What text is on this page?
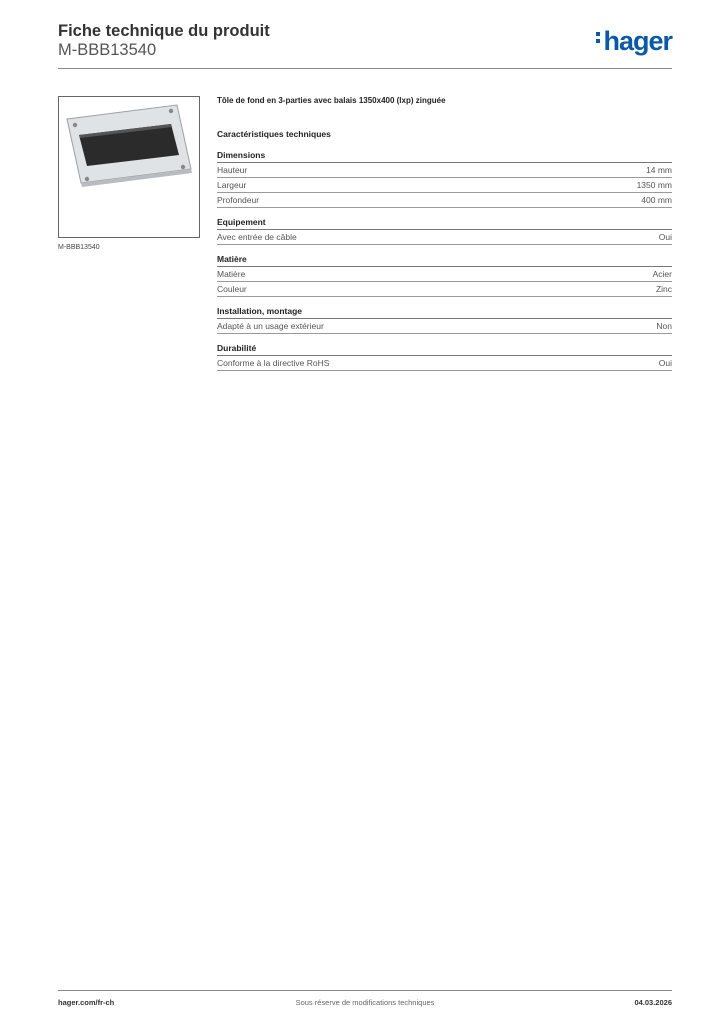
Fiche technique du produit
M-BBB13540	hager
M-BBB13540
Tôle de fond en 3-parties avec balais 1350x400 (lxp) zinguée
Caractéristiques techniques
Dimensions
Hauteur	14 mm
Largeur	1350 mm
Profondeur	400 mm
Equipement
Avec entrée de câble	Oui
Matière
Matière	Acier
Couleur	Zinc
Installation, montage
Adapté à un usage extérieur	Non
Durabilité
Conforme à la directive RoHS	Oui
Sous réserve de modifications techniques
hager.com/fr-ch	04.03.2026
